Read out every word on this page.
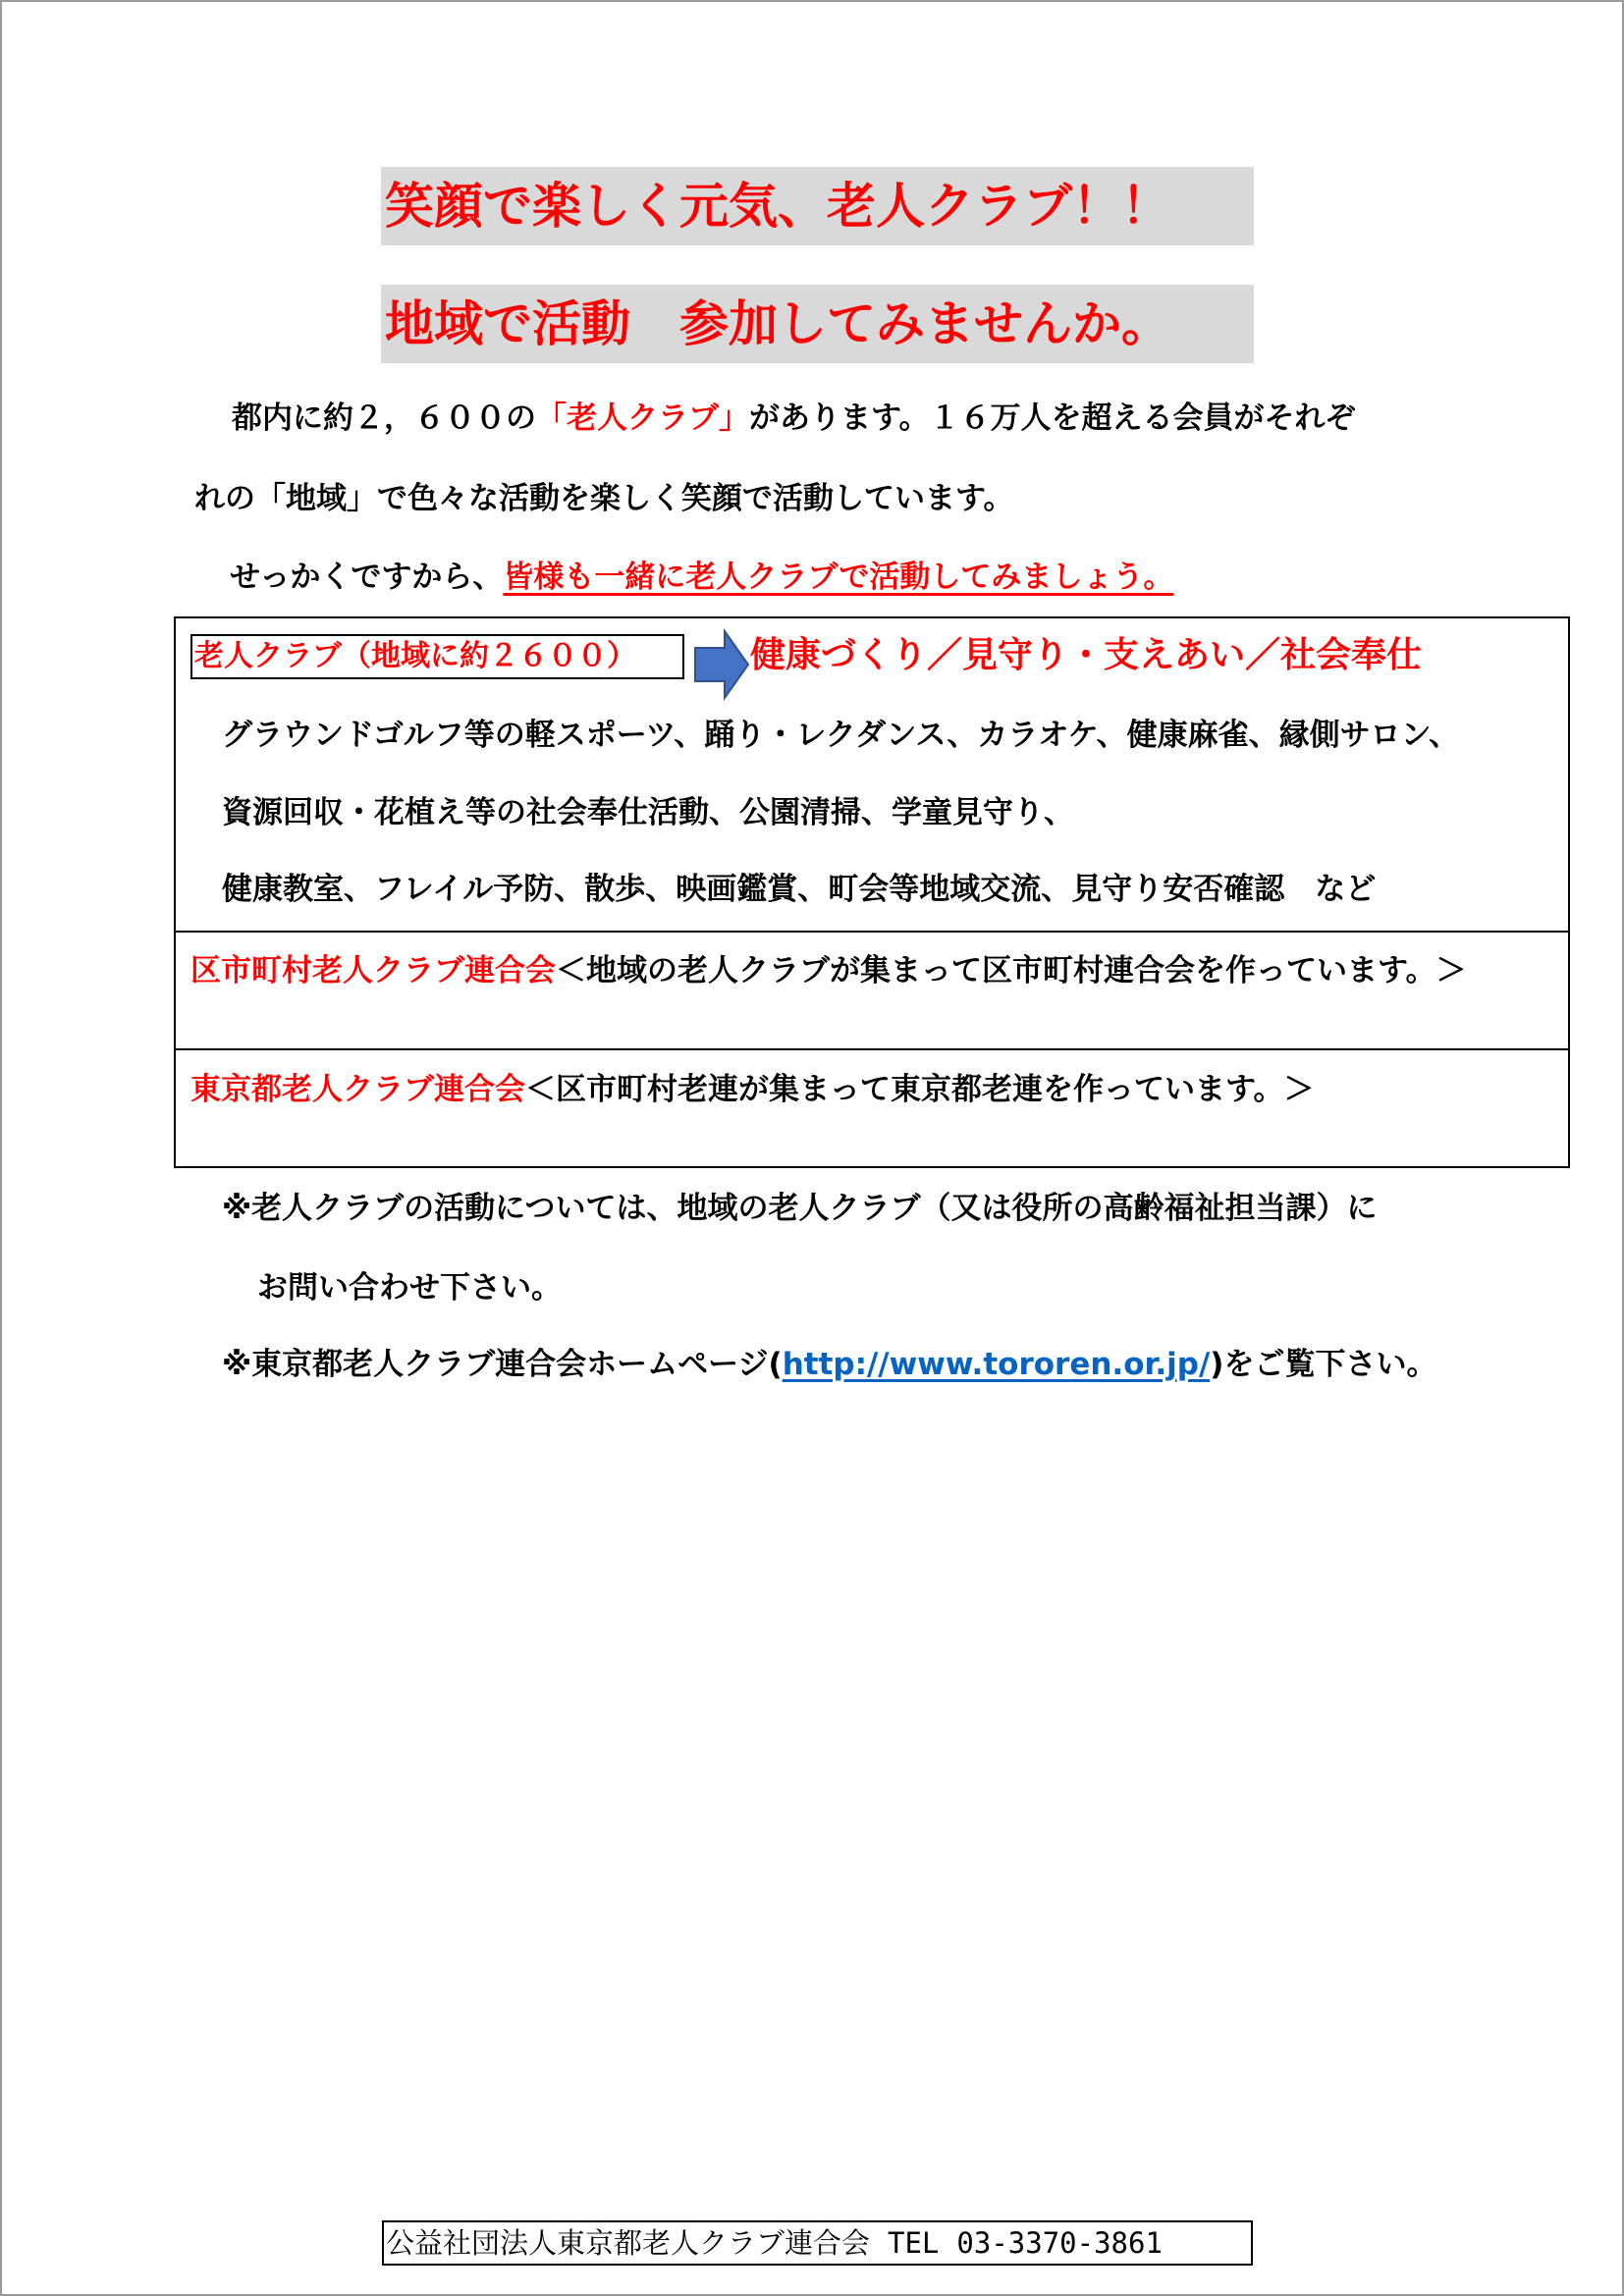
笑顔で楽しく元気、老人クラブ！！
地域で活動　参加してみませんか。
都内に約２，６００の「老人クラブ」があります。１６万人を超える会員がそれぞ
れの「地域」で色々な活動を楽しく笑顔で活動しています。
せっかくですから、皆様も一緒に老人クラブで活動してみましょう。
老人クラブ（地域に約２６００）	健康づくり／見守り・支えあい／社会奉仕
グラウンドゴルフ等の軽スポーツ、踊り・レクダンス、カラオケ、健康麻雀、縁側サロン、
資源回収・花植え等の社会奉仕活動、公園清掃、学童見守り、
健康教室、フレイル予防、散歩、映画鑑賞、町会等地域交流、見守り安否確認　など
区市町村老人クラブ連合会＜地域の老人クラブが集まって区市町村連合会を作っています。＞
東京都老人クラブ連合会＜区市町村老連が集まって東京都老連を作っています。＞
※老人クラブの活動については、地域の老人クラブ（又は役所の高齢福祉担当課）に
お問い合わせ下さい。
※東京都老人クラブ連合会ホームページ(http://www.tororen.or.jp/)をご覧下さい。
公益社団法人東京都老人クラブ連合会 TEL 03-3370-3861
